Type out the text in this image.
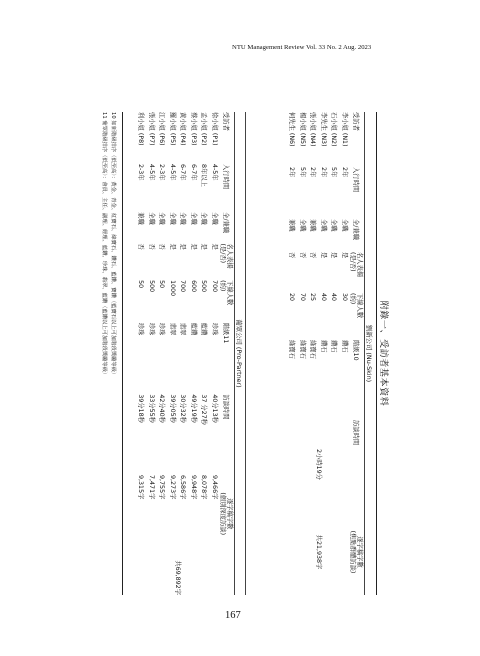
NTU Management Review Vol. 33 No. 2 Aug. 2023
附錄一、受訪者基本資料
劉新公司 (Nu-Skin)
受訪者	入行時間	全/兼職	名人表揚
(是/否)	下線人數
(約)	階級10	訪談時間	逐字稿字數
(焦點群體訪談)
李小姐 (N1)	2年	全職	是	30	鑽石	2小時19分	共21,938字
石小姐 (N2)	5年	全職	是	40	鑽石		
李先生 (N3)	2年	全職	是	40	鑽石		
張小姐 (N4)	2年	兼職	否	25	綠寶石		
楊小姐 (N5)	5年	全職	否	70	綠寶石		
何先生 (N6)	2年	兼職	否	20	綠寶石		
葡眾公司 (Pro-Partner)
受訪者	入行時間	全/兼職	名人表揚
(是/否)	下線人數
(約)	階級11	訪談時間	逐字稿字數
(個別深度訪談)	
徐小姐 (P1)	4-5年	全職	是	700	珍珠	40分13秒	9,466字	共69,892字
孟小姐 (P2)	8年以上	全職	是	500	藍鑽	37 分27秒	8,078字	
蔡小姐 (P3)	6-7年	全職	是	600	藍鑽	49分19秒	9,948字	
黃小姐 (P4)	6-7年	全職	是	700	翡翠	30分32秒	6,586字	
羅小姐 (P5)	4-5年	全職	是	1000	翡翠	39分05秒	9,273字	
江小姐 (P6)	2-3年	全職	否	50	珍珠	42分40秒	9,755字	
張小姐 (P7)	4-5年	全職	否	500	珍珠	33分55秒	7,471字	
利小姐 (P8)	2-3年	兼職	否	50	珍珠	39分18秒	9,315字	
10 如新階級排序（低至高）：黃金、青金、紅寶石、綠寶石、鑽石、藍鑽、寶鑽（藍寶石以上可加階段獎勵等級）
11 葡眾階級排序（低至高）：會員、主任、副理、經理、藍鑽、珍珠、翡翠、藍鑽（藍鑽以上可加階段獎勵等級）
167
